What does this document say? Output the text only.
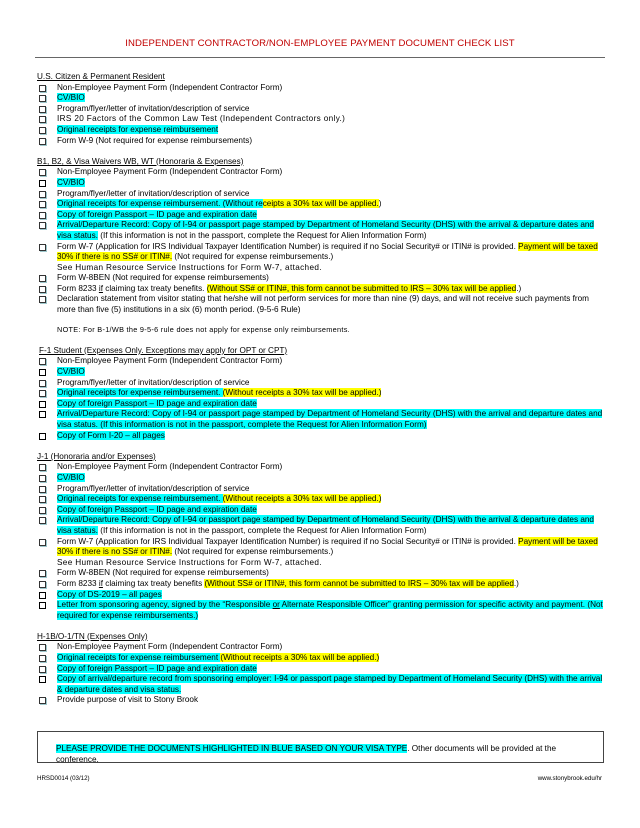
INDEPENDENT CONTRACTOR/NON-EMPLOYEE PAYMENT DOCUMENT CHECK LIST
U.S. Citizen & Permanent Resident
Non-Employee Payment Form (Independent Contractor Form)
CV/BIO
Program/flyer/letter of invitation/description of service
IRS 20 Factors of the Common Law Test (Independent Contractors only.)
Original receipts for expense reimbursement
Form W-9 (Not required for expense reimbursements)
B1, B2, & Visa Waivers WB, WT (Honoraria & Expenses)
Non-Employee Payment Form (Independent Contractor Form)
CV/BIO
Program/flyer/letter of invitation/description of service
Original receipts for expense reimbursement. (Without receipts a 30% tax will be applied.)
Copy of foreign Passport – ID page and expiration date
Arrival/Departure Record: Copy of I-94 or passport page stamped by Department of Homeland Security (DHS) with the arrival & departure dates and visa status. (If this information is not in the passport, complete the Request for Alien Information Form)
Form W-7 (Application for IRS Individual Taxpayer Identification Number) is required if no Social Security# or ITIN# is provided. Payment will be taxed 30% if there is no SS# or ITIN#. (Not required for expense reimbursements.)
See Human Resource Service Instructions for Form W-7, attached.
Form W-8BEN (Not required for expense reimbursements)
Form 8233 if claiming tax treaty benefits. (Without SS# or ITIN#, this form cannot be submitted to IRS – 30% tax will be applied.)
Declaration statement from visitor stating that he/she will not perform services for more than nine (9) days, and will not receive such payments from more than five (5) institutions in a six (6) month period. (9-5-6 Rule)
NOTE: For B-1/WB the 9-5-6 rule does not apply for expense only reimbursements.
F-1 Student (Expenses Only. Exceptions may apply for OPT or CPT)
Non-Employee Payment Form (Independent Contractor Form)
CV/BIO
Program/flyer/letter of invitation/description of service
Original receipts for expense reimbursement. (Without receipts a 30% tax will be applied.)
Copy of foreign Passport – ID page and expiration date
Arrival/Departure Record: Copy of I-94 or passport page stamped by Department of Homeland Security (DHS) with the arrival and departure dates and visa status. (If this information is not in the passport, complete the Request for Alien Information Form)
Copy of Form I-20 – all pages
J-1 (Honoraria and/or Expenses)
Non-Employee Payment Form (Independent Contractor Form)
CV/BIO
Program/flyer/letter of invitation/description of service
Original receipts for expense reimbursement. (Without receipts a 30% tax will be applied.)
Copy of foreign Passport – ID page and expiration date
Arrival/Departure Record: Copy of I-94 or passport page stamped by Department of Homeland Security (DHS) with the arrival & departure dates and visa status. (If this information is not in the passport, complete the Request for Alien Information Form)
Form W-7 (Application for IRS Individual Taxpayer Identification Number) is required if no Social Security# or ITIN# is provided. Payment will be taxed 30% if there is no SS# or ITIN#. (Not required for expense reimbursements.)
See Human Resource Service Instructions for Form W-7, attached.
Form W-8BEN (Not required for expense reimbursements)
Form 8233 if claiming tax treaty benefits (Without SS# or ITIN#, this form cannot be submitted to IRS – 30% tax will be applied.)
Copy of DS-2019 – all pages
Letter from sponsoring agency, signed by the “Responsible or Alternate Responsible Officer” granting permission for specific activity and payment. (Not required for expense reimbursements.)
H-1B/O-1/TN (Expenses Only)
Non-Employee Payment Form (Independent Contractor Form)
Original receipts for expense reimbursement (Without receipts a 30% tax will be applied.)
Copy of foreign Passport – ID page and expiration date
Copy of arrival/departure record from sponsoring employer: I-94 or passport page stamped by Department of Homeland Security (DHS) with the arrival & departure dates and visa status.
Provide purpose of visit to Stony Brook
PLEASE PROVIDE THE DOCUMENTS HIGHLIGHTED IN BLUE BASED ON YOUR VISA TYPE. Other documents will be provided at the conference.
HRSD0014 (03/12)	www.stonybrook.edu/hr
